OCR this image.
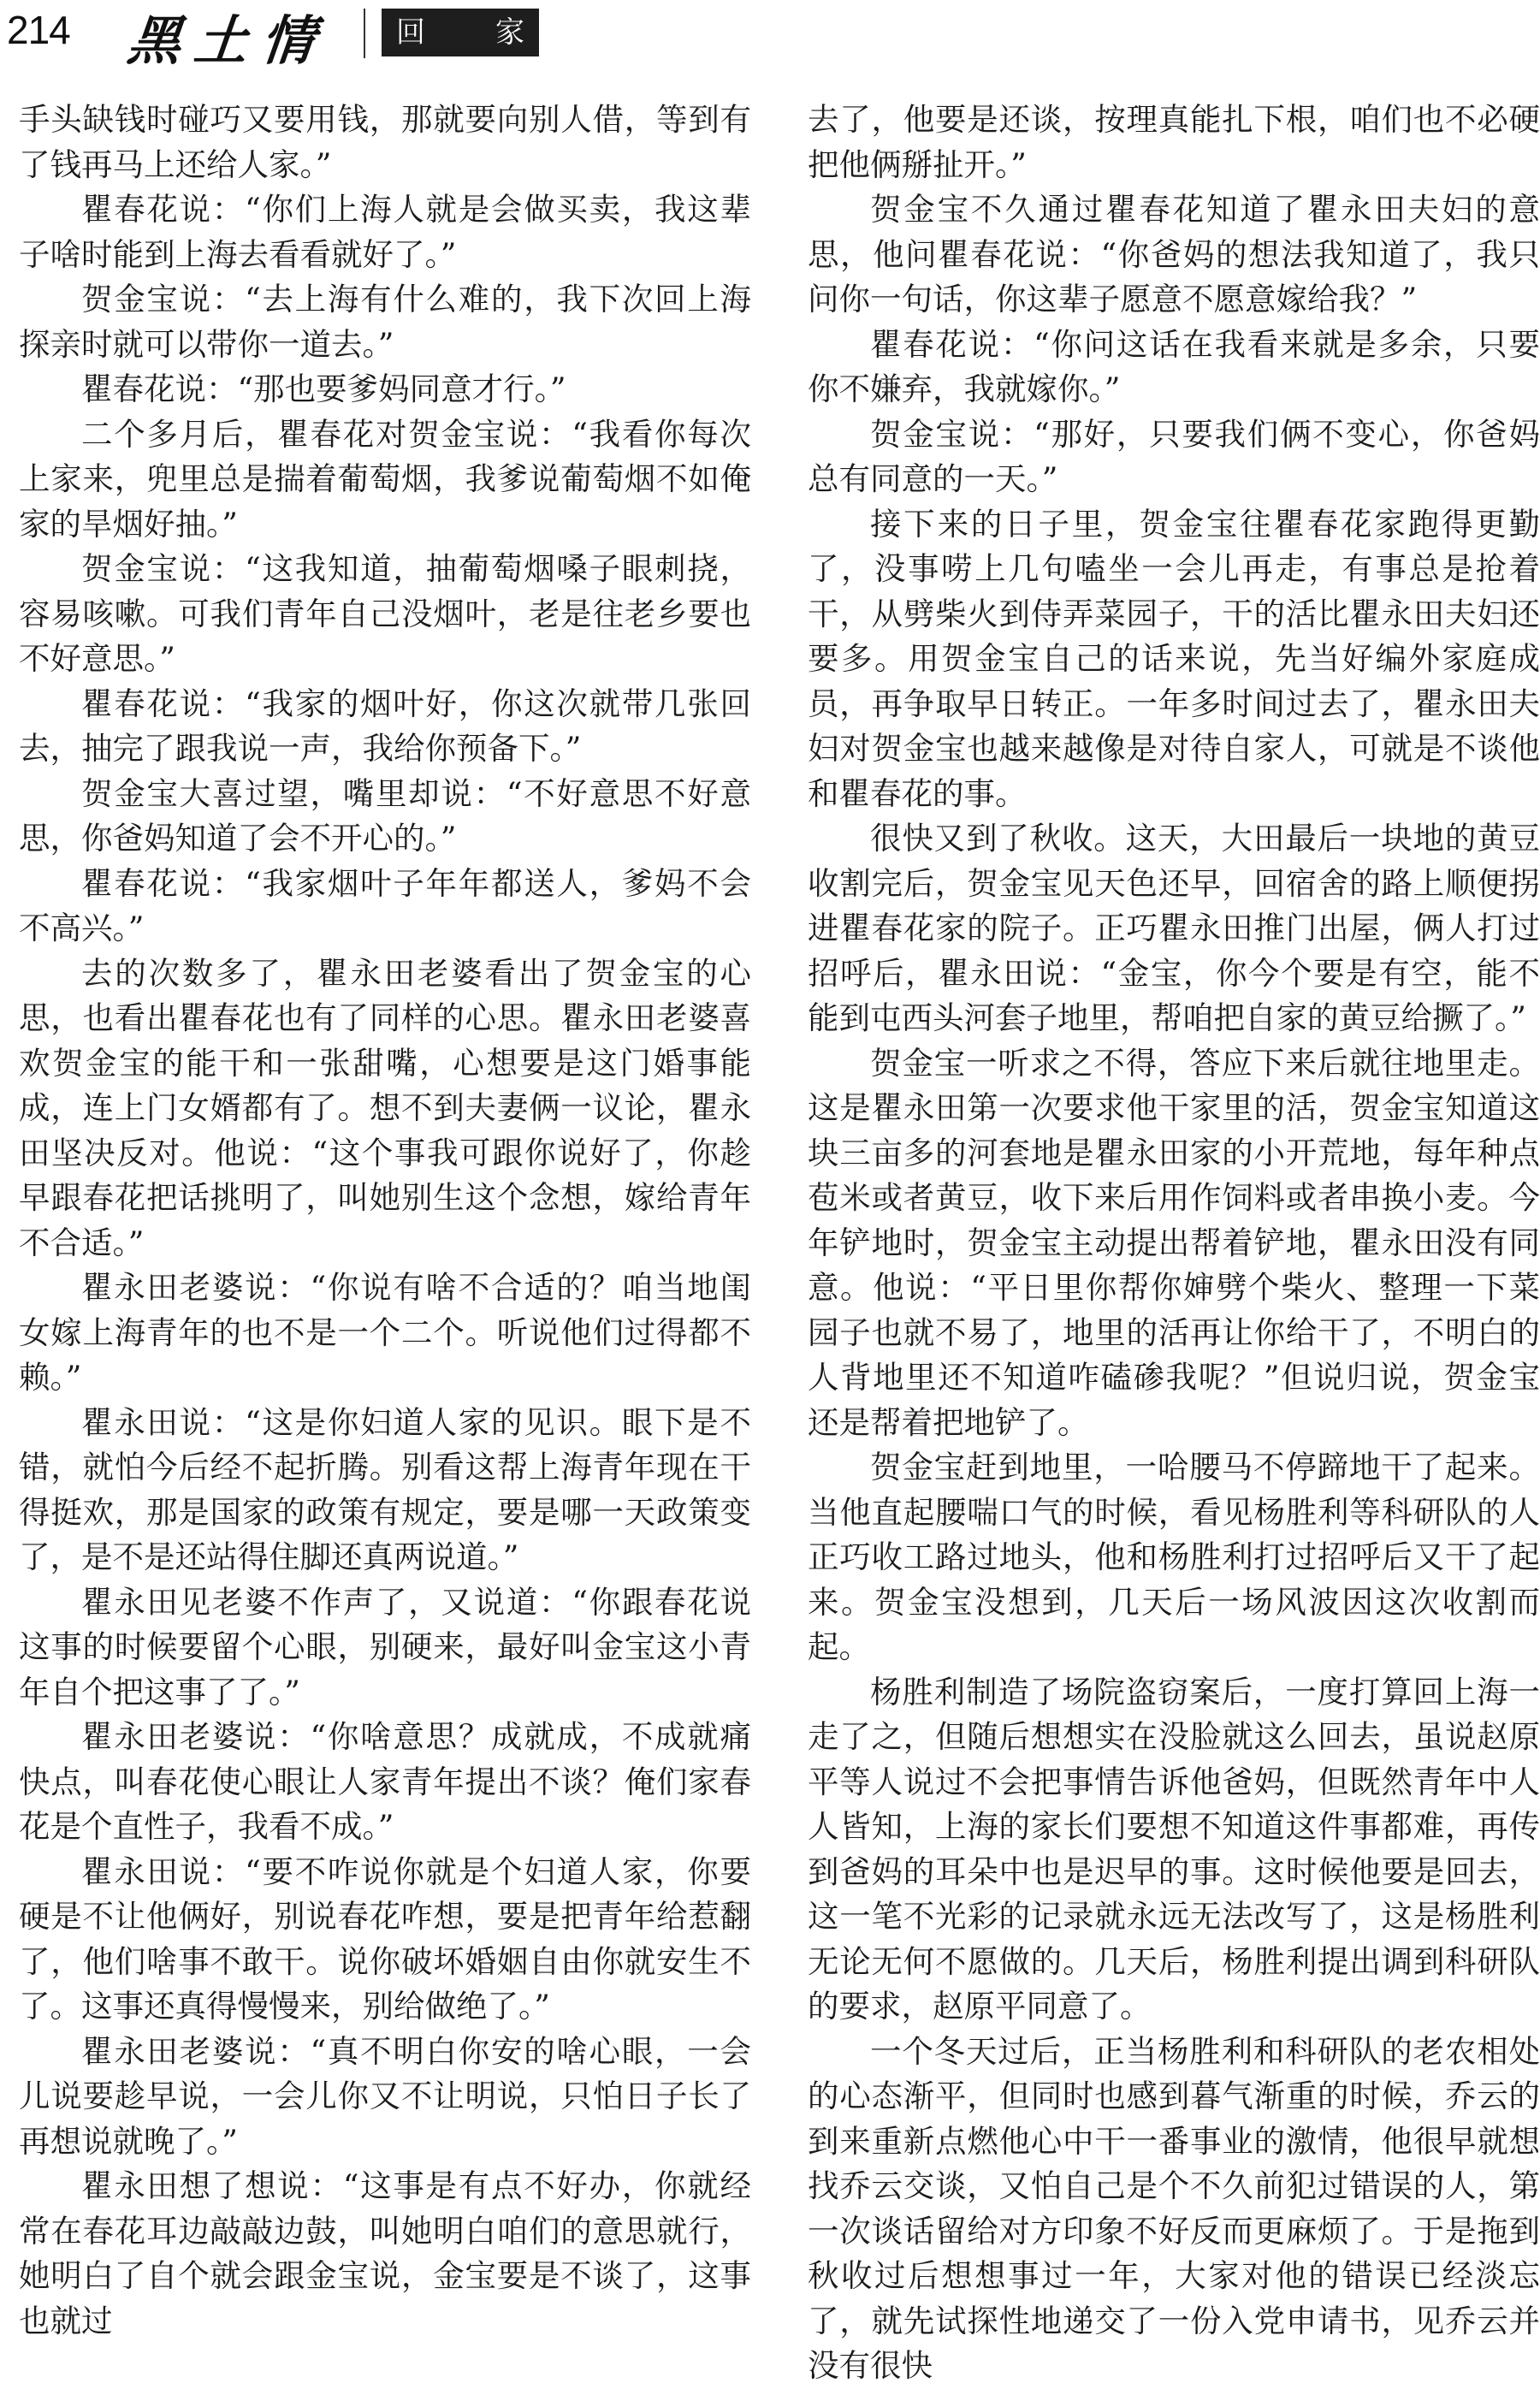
214 黑土情	回　家

手头缺钱时碰巧又要用钱，那就要向别人借，等到有了钱再马上还给人家。”

瞿春花说：“你们上海人就是会做买卖，我这辈子啥时能到上海去看看就好了。”

贺金宝说：“去上海有什么难的，我下次回上海探亲时就可以带你一道去。”

瞿春花说：“那也要爹妈同意才行。”

二个多月后，瞿春花对贺金宝说：“我看你每次上家来，兜里总是揣着葡萄烟，我爹说葡萄烟不如俺家的旱烟好抽。”

贺金宝说：“这我知道，抽葡萄烟嗓子眼刺挠，容易咳嗽。可我们青年自己没烟叶，老是往老乡要也不好意思。”

瞿春花说：“我家的烟叶好，你这次就带几张回去，抽完了跟我说一声，我给你预备下。”

贺金宝大喜过望，嘴里却说：“不好意思不好意思，你爸妈知道了会不开心的。”

瞿春花说：“我家烟叶子年年都送人，爹妈不会不高兴。”

去的次数多了，瞿永田老婆看出了贺金宝的心思，也看出瞿春花也有了同样的心思。瞿永田老婆喜欢贺金宝的能干和一张甜嘴，心想要是这门婚事能成，连上门女婿都有了。想不到夫妻俩一议论，瞿永田坚决反对。他说：“这个事我可跟你说好了，你趁早跟春花把话挑明了，叫她别生这个念想，嫁给青年不合适。”

瞿永田老婆说：“你说有啥不合适的？咱当地闺女嫁上海青年的也不是一个二个。听说他们过得都不赖。”

瞿永田说：“这是你妇道人家的见识。眼下是不错，就怕今后经不起折腾。别看这帮上海青年现在干得挺欢，那是国家的政策有规定，要是哪一天政策变了，是不是还站得住脚还真两说道。”

瞿永田见老婆不作声了，又说道：“你跟春花说这事的时候要留个心眼，别硬来，最好叫金宝这小青年自个把这事了了。”

瞿永田老婆说：“你啥意思？成就成，不成就痛快点，叫春花使心眼让人家青年提出不谈？俺们家春花是个直性子，我看不成。”

瞿永田说：“要不咋说你就是个妇道人家，你要硬是不让他俩好，别说春花咋想，要是把青年给惹翻了，他们啥事不敢干。说你破坏婚姻自由你就安生不了。这事还真得慢慢来，别给做绝了。”

瞿永田老婆说：“真不明白你安的啥心眼，一会儿说要趁早说，一会儿你又不让明说，只怕日子长了再想说就晚了。”

瞿永田想了想说：“这事是有点不好办，你就经常在春花耳边敲敲边鼓，叫她明白咱们的意思就行，她明白了自个就会跟金宝说，金宝要是不谈了，这事也就过

去了，他要是还谈，按理真能扎下根，咱们也不必硬把他俩掰扯开。”

贺金宝不久通过瞿春花知道了瞿永田夫妇的意思，他问瞿春花说：“你爸妈的想法我知道了，我只问你一句话，你这辈子愿意不愿意嫁给我？”

瞿春花说：“你问这话在我看来就是多余，只要你不嫌弃，我就嫁你。”

贺金宝说：“那好，只要我们俩不变心，你爸妈总有同意的一天。”

接下来的日子里，贺金宝往瞿春花家跑得更勤了，没事唠上几句嗑坐一会儿再走，有事总是抢着干，从劈柴火到侍弄菜园子，干的活比瞿永田夫妇还要多。用贺金宝自己的话来说，先当好编外家庭成员，再争取早日转正。一年多时间过去了，瞿永田夫妇对贺金宝也越来越像是对待自家人，可就是不谈他和瞿春花的事。

很快又到了秋收。这天，大田最后一块地的黄豆收割完后，贺金宝见天色还早，回宿舍的路上顺便拐进瞿春花家的院子。正巧瞿永田推门出屋，俩人打过招呼后，瞿永田说：“金宝，你今个要是有空，能不能到屯西头河套子地里，帮咱把自家的黄豆给撅了。”

贺金宝一听求之不得，答应下来后就往地里走。这是瞿永田第一次要求他干家里的活，贺金宝知道这块三亩多的河套地是瞿永田家的小开荒地，每年种点苞米或者黄豆，收下来后用作饲料或者串换小麦。今年铲地时，贺金宝主动提出帮着铲地，瞿永田没有同意。他说：“平日里你帮你婶劈个柴火、整理一下菜园子也就不易了，地里的活再让你给干了，不明白的人背地里还不知道咋磕碜我呢？”但说归说，贺金宝还是帮着把地铲了。

贺金宝赶到地里，一哈腰马不停蹄地干了起来。当他直起腰喘口气的时候，看见杨胜利等科研队的人正巧收工路过地头，他和杨胜利打过招呼后又干了起来。贺金宝没想到，几天后一场风波因这次收割而起。

杨胜利制造了场院盗窃案后，一度打算回上海一走了之，但随后想想实在没脸就这么回去，虽说赵原平等人说过不会把事情告诉他爸妈，但既然青年中人人皆知，上海的家长们要想不知道这件事都难，再传到爸妈的耳朵中也是迟早的事。这时候他要是回去，这一笔不光彩的记录就永远无法改写了，这是杨胜利无论无何不愿做的。几天后，杨胜利提出调到科研队的要求，赵原平同意了。

一个冬天过后，正当杨胜利和科研队的老农相处的心态渐平，但同时也感到暮气渐重的时候，乔云的到来重新点燃他心中干一番事业的激情，他很早就想找乔云交谈，又怕自己是个不久前犯过错误的人，第一次谈话留给对方印象不好反而更麻烦了。于是拖到秋收过后想想事过一年，大家对他的错误已经淡忘了，就先试探性地递交了一份入党申请书，见乔云并没有很快
